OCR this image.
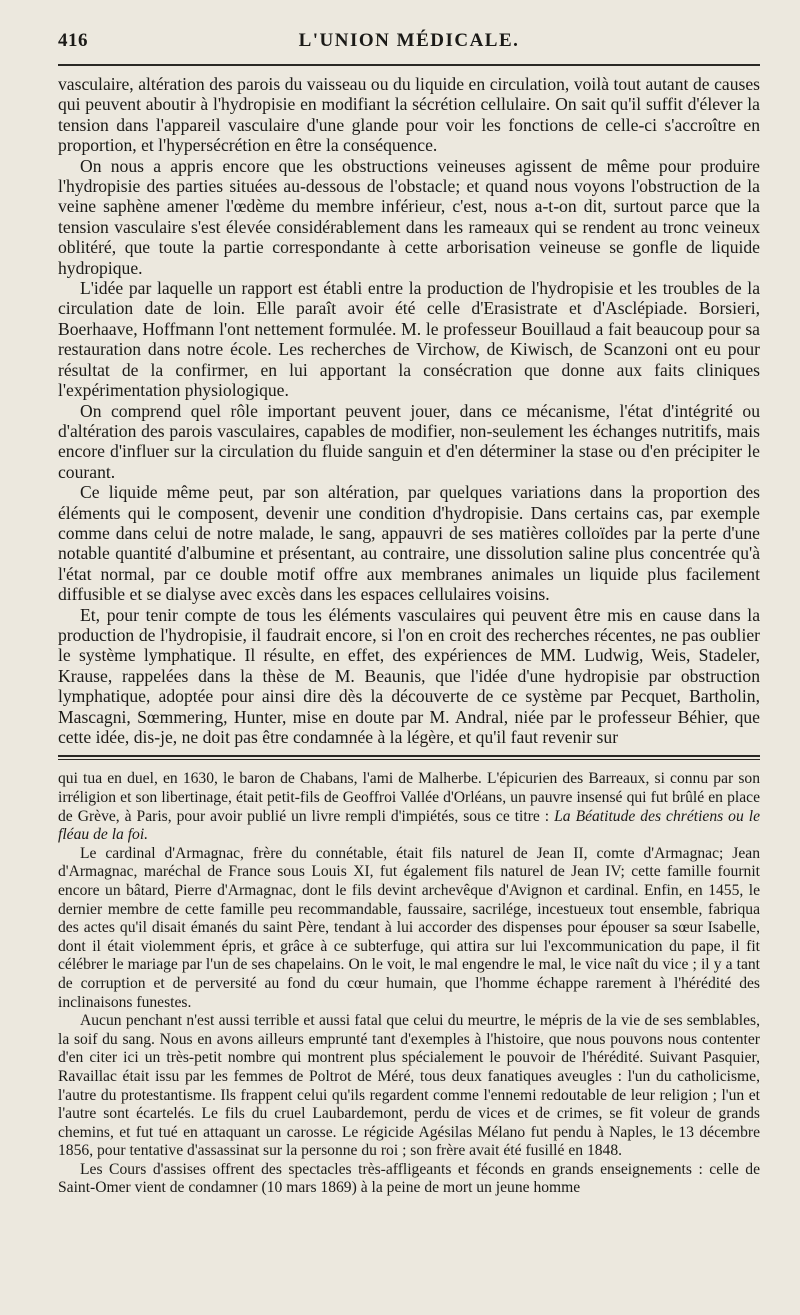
416	L'UNION MÉDICALE.

vasculaire, altération des parois du vaisseau ou du liquide en circulation, voilà tout autant de causes qui peuvent aboutir à l'hydropisie en modifiant la sécrétion cellulaire. On sait qu'il suffit d'élever la tension dans l'appareil vasculaire d'une glande pour voir les fonctions de celle-ci s'accroître en proportion, et l'hypersécrétion en être la conséquence.

On nous a appris encore que les obstructions veineuses agissent de même pour produire l'hydropisie des parties situées au-dessous de l'obstacle; et quand nous voyons l'obstruction de la veine saphène amener l'œdème du membre inférieur, c'est, nous a-t-on dit, surtout parce que la tension vasculaire s'est élevée considérablement dans les rameaux qui se rendent au tronc veineux oblitéré, que toute la partie correspondante à cette arborisation veineuse se gonfle de liquide hydropique.

L'idée par laquelle un rapport est établi entre la production de l'hydropisie et les troubles de la circulation date de loin. Elle paraît avoir été celle d'Erasistrate et d'Asclépiade. Borsieri, Boerhaave, Hoffmann l'ont nettement formulée. M. le professeur Bouillaud a fait beaucoup pour sa restauration dans notre école. Les recherches de Virchow, de Kiwisch, de Scanzoni ont eu pour résultat de la confirmer, en lui apportant la consécration que donne aux faits cliniques l'expérimentation physiologique.

On comprend quel rôle important peuvent jouer, dans ce mécanisme, l'état d'intégrité ou d'altération des parois vasculaires, capables de modifier, non-seulement les échanges nutritifs, mais encore d'influer sur la circulation du fluide sanguin et d'en déterminer la stase ou d'en précipiter le courant.

Ce liquide même peut, par son altération, par quelques variations dans la proportion des éléments qui le composent, devenir une condition d'hydropisie. Dans certains cas, par exemple comme dans celui de notre malade, le sang, appauvri de ses matières colloïdes par la perte d'une notable quantité d'albumine et présentant, au contraire, une dissolution saline plus concentrée qu'à l'état normal, par ce double motif offre aux membranes animales un liquide plus facilement diffusible et se dialyse avec excès dans les espaces cellulaires voisins.

Et, pour tenir compte de tous les éléments vasculaires qui peuvent être mis en cause dans la production de l'hydropisie, il faudrait encore, si l'on en croit des recherches récentes, ne pas oublier le système lymphatique. Il résulte, en effet, des expériences de MM. Ludwig, Weis, Stadeler, Krause, rappelées dans la thèse de M. Beaunis, que l'idée d'une hydropisie par obstruction lymphatique, adoptée pour ainsi dire dès la découverte de ce système par Pecquet, Bartholin, Mascagni, Sœmmering, Hunter, mise en doute par M. Andral, niée par le professeur Béhier, que cette idée, dis-je, ne doit pas être condamnée à la légère, et qu'il faut revenir sur

qui tua en duel, en 1630, le baron de Chabans, l'ami de Malherbe. L'épicurien des Barreaux, si connu par son irréligion et son libertinage, était petit-fils de Geoffroi Vallée d'Orléans, un pauvre insensé qui fut brûlé en place de Grève, à Paris, pour avoir publié un livre rempli d'impiétés, sous ce titre : La Béatitude des chrétiens ou le fléau de la foi.

Le cardinal d'Armagnac, frère du connétable, était fils naturel de Jean II, comte d'Armagnac; Jean d'Armagnac, maréchal de France sous Louis XI, fut également fils naturel de Jean IV; cette famille fournit encore un bâtard, Pierre d'Armagnac, dont le fils devint archevêque d'Avignon et cardinal. Enfin, en 1455, le dernier membre de cette famille peu recommandable, faussaire, sacrilége, incestueux tout ensemble, fabriqua des actes qu'il disait émanés du saint Père, tendant à lui accorder des dispenses pour épouser sa sœur Isabelle, dont il était violemment épris, et grâce à ce subterfuge, qui attira sur lui l'excommunication du pape, il fit célébrer le mariage par l'un de ses chapelains. On le voit, le mal engendre le mal, le vice naît du vice ; il y a tant de corruption et de perversité au fond du cœur humain, que l'homme échappe rarement à l'hérédité des inclinaisons funestes.

Aucun penchant n'est aussi terrible et aussi fatal que celui du meurtre, le mépris de la vie de ses semblables, la soif du sang. Nous en avons ailleurs emprunté tant d'exemples à l'histoire, que nous pouvons nous contenter d'en citer ici un très-petit nombre qui montrent plus spécialement le pouvoir de l'hérédité. Suivant Pasquier, Ravaillac était issu par les femmes de Poltrot de Méré, tous deux fanatiques aveugles : l'un du catholicisme, l'autre du protestantisme. Ils frappent celui qu'ils regardent comme l'ennemi redoutable de leur religion ; l'un et l'autre sont écartelés. Le fils du cruel Laubardemont, perdu de vices et de crimes, se fit voleur de grands chemins, et fut tué en attaquant un carosse. Le régicide Agésilas Mélano fut pendu à Naples, le 13 décembre 1856, pour tentative d'assassinat sur la personne du roi ; son frère avait été fusillé en 1848.

Les Cours d'assises offrent des spectacles très-affligeants et féconds en grands enseignements : celle de Saint-Omer vient de condamner (10 mars 1869) à la peine de mort un jeune homme
